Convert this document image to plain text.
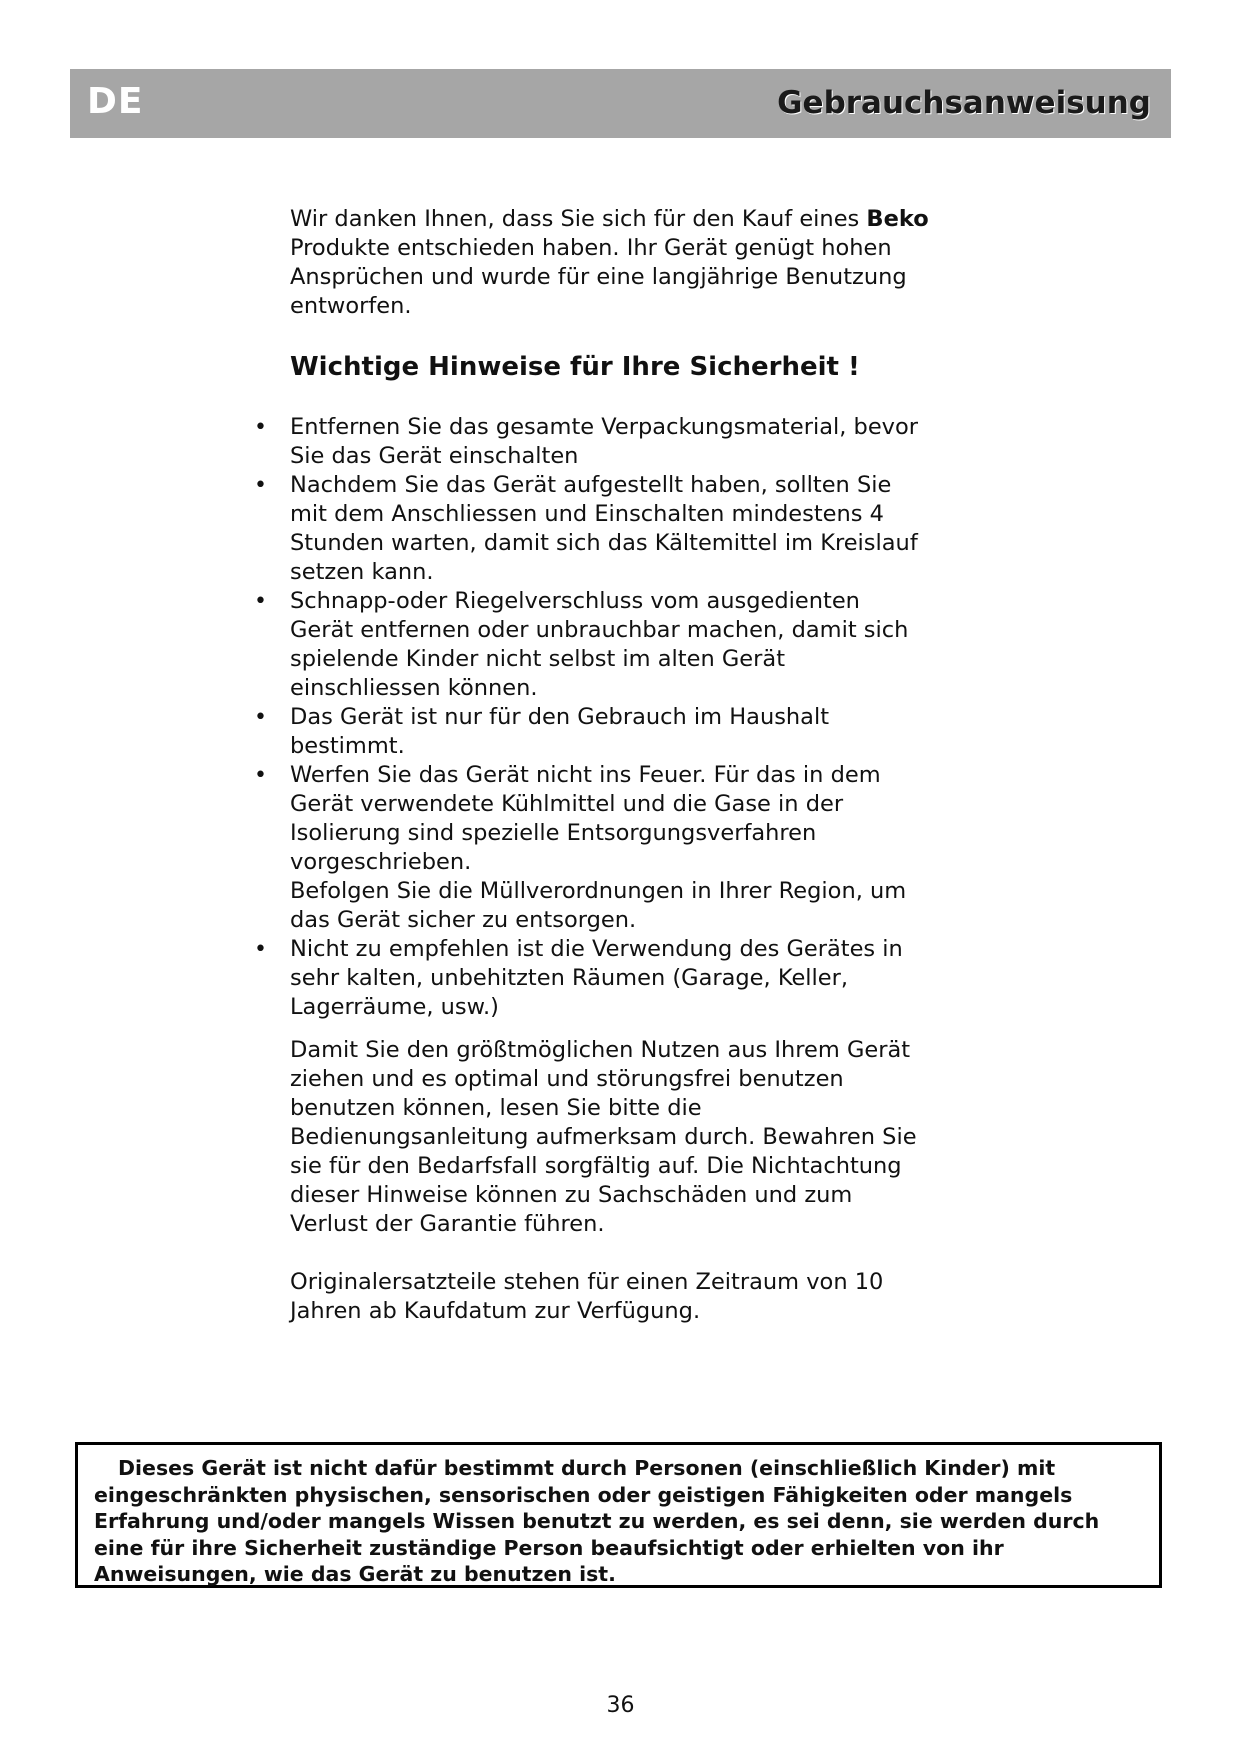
DE	Gebrauchsanweisung

Wir danken Ihnen, dass Sie sich für den Kauf eines Beko Produkte entschieden haben. Ihr Gerät genügt hohen Ansprüchen und wurde für eine langjährige Benutzung entworfen.

Wichtige Hinweise für Ihre Sicherheit !

• Entfernen Sie das gesamte Verpackungsmaterial, bevor Sie das Gerät einschalten
• Nachdem Sie das Gerät aufgestellt haben, sollten Sie mit dem Anschliessen und Einschalten mindestens 4 Stunden warten, damit sich das Kältemittel im Kreislauf setzen kann.
• Schnapp-oder Riegelverschluss vom ausgedienten Gerät entfernen oder unbrauchbar machen, damit sich spielende Kinder nicht selbst im alten Gerät einschliessen können.
• Das Gerät ist nur für den Gebrauch im Haushalt bestimmt.
• Werfen Sie das Gerät nicht ins Feuer. Für das in dem Gerät verwendete Kühlmittel und die Gase in der Isolierung sind spezielle Entsorgungsverfahren vorgeschrieben.
Befolgen Sie die Müllverordnungen in Ihrer Region, um das Gerät sicher zu entsorgen.
• Nicht zu empfehlen ist die Verwendung des Gerätes in sehr kalten, unbehitzten Räumen (Garage, Keller, Lagerräume, usw.)

Damit Sie den größtmöglichen Nutzen aus Ihrem Gerät ziehen und es optimal und störungsfrei benutzen benutzen können, lesen Sie bitte die Bedienungsanleitung aufmerksam durch. Bewahren Sie sie für den Bedarfsfall sorgfältig auf. Die Nichtachtung dieser Hinweise können zu Sachschäden und zum Verlust der Garantie führen.

Originalersatzteile stehen für einen Zeitraum von 10 Jahren ab Kaufdatum zur Verfügung.

Dieses Gerät ist nicht dafür bestimmt durch Personen (einschließlich Kinder) mit eingeschränkten physischen, sensorischen oder geistigen Fähigkeiten oder mangels Erfahrung und/oder mangels Wissen benutzt zu werden, es sei denn, sie werden durch eine für ihre Sicherheit zuständige Person beaufsichtigt oder erhielten von ihr Anweisungen, wie das Gerät zu benutzen ist.
36
